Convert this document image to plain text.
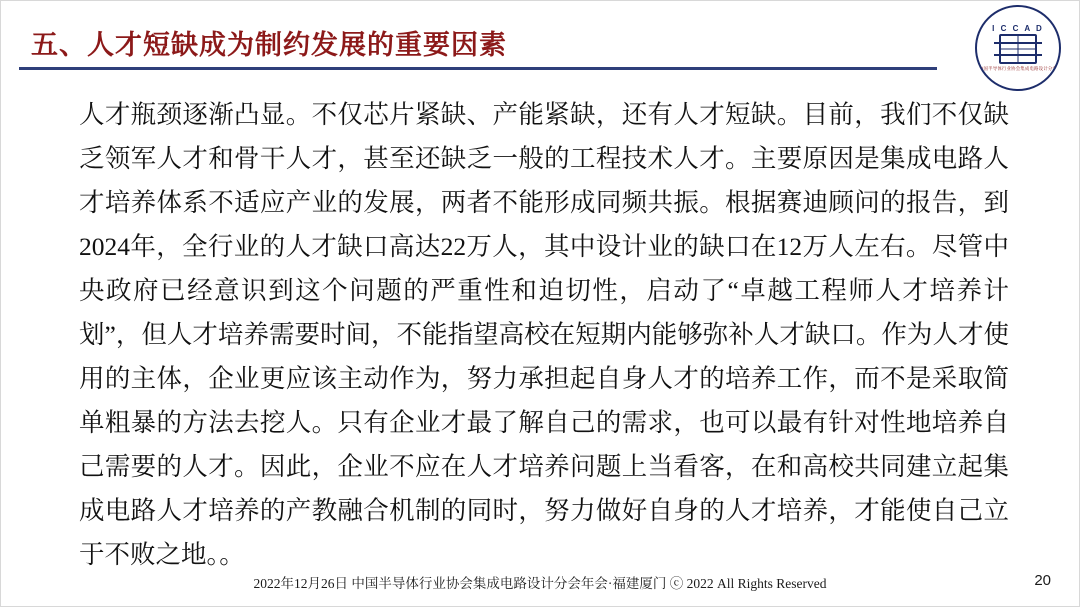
五、人才短缺成为制约发展的重要因素
I C C A D
中国半导体行业协会集成电路设计分会
人才瓶颈逐渐凸显。不仅芯片紧缺、产能紧缺，还有人才短缺。目前，我们不仅缺乏领军人才和骨干人才，甚至还缺乏一般的工程技术人才。主要原因是集成电路人才培养体系不适应产业的发展，两者不能形成同频共振。根据赛迪顾问的报告，到2024年，全行业的人才缺口高达22万人，其中设计业的缺口在12万人左右。尽管中央政府已经意识到这个问题的严重性和迫切性，启动了“卓越工程师人才培养计划”，但人才培养需要时间，不能指望高校在短期内能够弥补人才缺口。作为人才使用的主体，企业更应该主动作为，努力承担起自身人才的培养工作，而不是采取简单粗暴的方法去挖人。只有企业才最了解自己的需求，也可以最有针对性地培养自己需要的人才。因此，企业不应在人才培养问题上当看客，在和高校共同建立起集成电路人才培养的产教融合机制的同时，努力做好自身的人才培养，才能使自己立于不败之地。。
2022年12月26日 中国半导体行业协会集成电路设计分会年会·福建厦门 ⓒ 2022 All Rights Reserved	20
